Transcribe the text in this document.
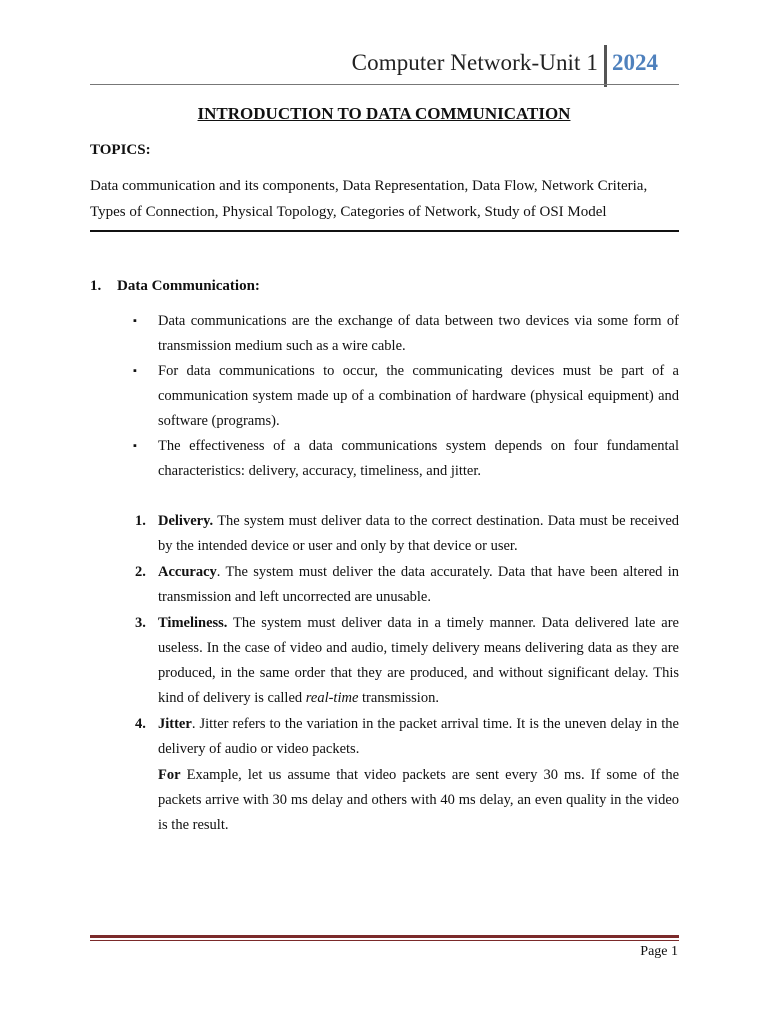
Computer Network-Unit 1 2024
INTRODUCTION TO DATA COMMUNICATION
TOPICS:
Data communication and its components, Data Representation, Data Flow, Network Criteria, Types of Connection, Physical Topology, Categories of Network, Study of OSI Model
1. Data Communication:
▪ Data communications are the exchange of data between two devices via some form of transmission medium such as a wire cable.
▪ For data communications to occur, the communicating devices must be part of a communication system made up of a combination of hardware (physical equipment) and software (programs).
▪ The effectiveness of a data communications system depends on four fundamental characteristics: delivery, accuracy, timeliness, and jitter.
1. Delivery. The system must deliver data to the correct destination. Data must be received by the intended device or user and only by that device or user.
2. Accuracy. The system must deliver the data accurately. Data that have been altered in transmission and left uncorrected are unusable.
3. Timeliness. The system must deliver data in a timely manner. Data delivered late are useless. In the case of video and audio, timely delivery means delivering data as they are produced, in the same order that they are produced, and without significant delay. This kind of delivery is called real-time transmission.
4. Jitter. Jitter refers to the variation in the packet arrival time. It is the uneven delay in the delivery of audio or video packets.
For Example, let us assume that video packets are sent every 30 ms. If some of the packets arrive with 30 ms delay and others with 40 ms delay, an even quality in the video is the result.
Page 1
